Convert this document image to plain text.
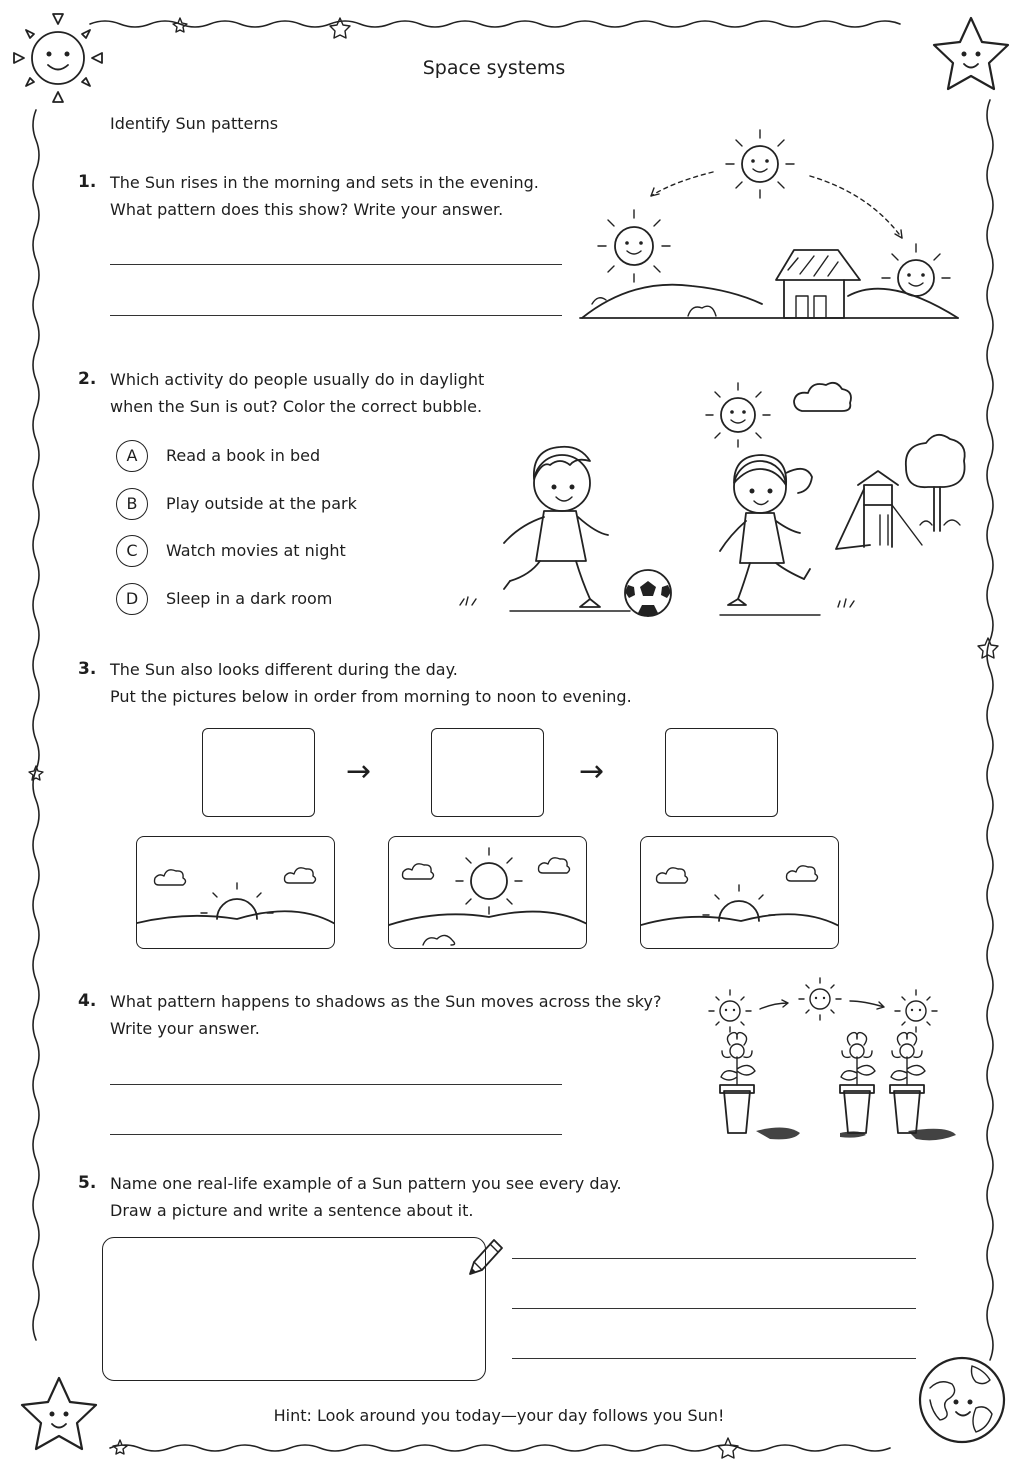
Space systems
Identify Sun patterns
1. The Sun rises in the morning and sets in the evening.
What pattern does this show? Write your answer.
2. Which activity do people usually do in daylight
when the Sun is out? Color the correct bubble.
A	Read a book in bed
B	Play outside at the park
C	Watch movies at night
D	Sleep in a dark room
3. The Sun also looks different during the day.
Put the pictures below in order from morning to noon to evening.
→	→
4. What pattern happens to shadows as the Sun moves across the sky?
Write your answer.
5. Name one real-life example of a Sun pattern you see every day.
Draw a picture and write a sentence about it.
Hint: Look around you today—your day follows you Sun!
